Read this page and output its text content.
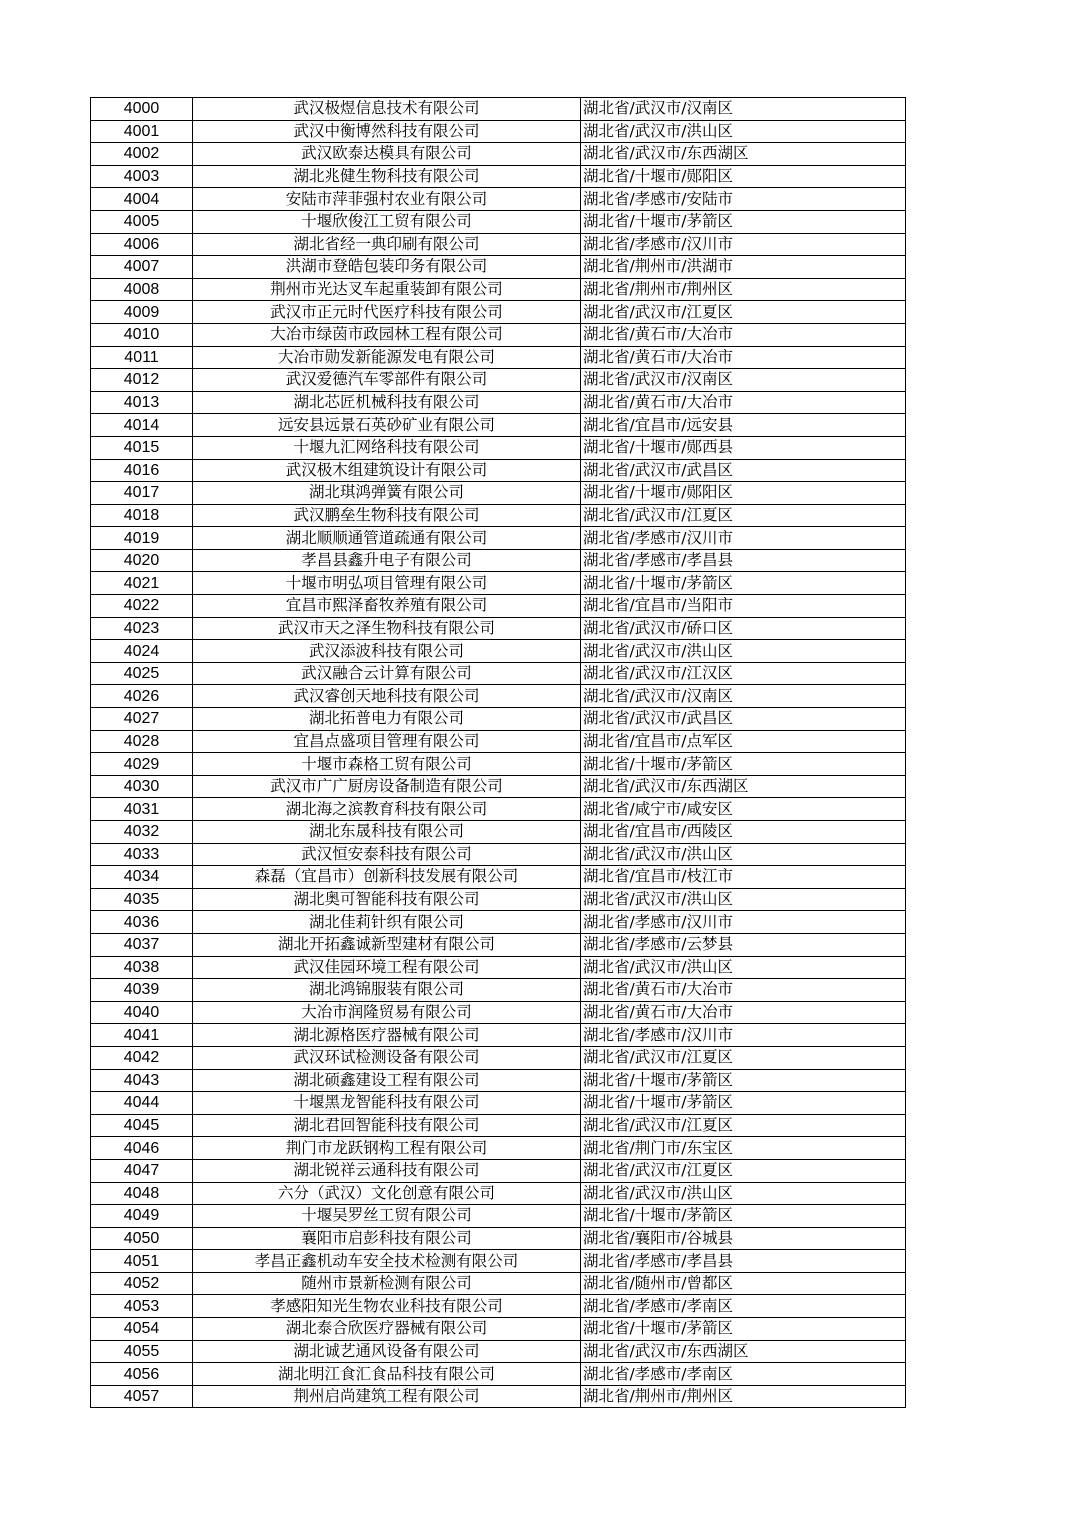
4000	武汉极煜信息技术有限公司	湖北省/武汉市/汉南区
4001	武汉中衡博然科技有限公司	湖北省/武汉市/洪山区
4002	武汉欧泰达模具有限公司	湖北省/武汉市/东西湖区
4003	湖北兆健生物科技有限公司	湖北省/十堰市/郧阳区
4004	安陆市萍菲强村农业有限公司	湖北省/孝感市/安陆市
4005	十堰欣俊江工贸有限公司	湖北省/十堰市/茅箭区
4006	湖北省经一典印刷有限公司	湖北省/孝感市/汉川市
4007	洪湖市登皓包装印务有限公司	湖北省/荆州市/洪湖市
4008	荆州市光达叉车起重装卸有限公司	湖北省/荆州市/荆州区
4009	武汉市正元时代医疗科技有限公司	湖北省/武汉市/江夏区
4010	大冶市绿茵市政园林工程有限公司	湖北省/黄石市/大冶市
4011	大冶市勋发新能源发电有限公司	湖北省/黄石市/大冶市
4012	武汉爱德汽车零部件有限公司	湖北省/武汉市/汉南区
4013	湖北芯匠机械科技有限公司	湖北省/黄石市/大冶市
4014	远安县远景石英砂矿业有限公司	湖北省/宜昌市/远安县
4015	十堰九汇网络科技有限公司	湖北省/十堰市/郧西县
4016	武汉极木组建筑设计有限公司	湖北省/武汉市/武昌区
4017	湖北琪鸿弹簧有限公司	湖北省/十堰市/郧阳区
4018	武汉鹏垒生物科技有限公司	湖北省/武汉市/江夏区
4019	湖北顺顺通管道疏通有限公司	湖北省/孝感市/汉川市
4020	孝昌县鑫升电子有限公司	湖北省/孝感市/孝昌县
4021	十堰市明弘项目管理有限公司	湖北省/十堰市/茅箭区
4022	宜昌市熙泽畜牧养殖有限公司	湖北省/宜昌市/当阳市
4023	武汉市天之泽生物科技有限公司	湖北省/武汉市/硚口区
4024	武汉添波科技有限公司	湖北省/武汉市/洪山区
4025	武汉融合云计算有限公司	湖北省/武汉市/江汉区
4026	武汉睿创天地科技有限公司	湖北省/武汉市/汉南区
4027	湖北拓普电力有限公司	湖北省/武汉市/武昌区
4028	宜昌点盛项目管理有限公司	湖北省/宜昌市/点军区
4029	十堰市森格工贸有限公司	湖北省/十堰市/茅箭区
4030	武汉市广广厨房设备制造有限公司	湖北省/武汉市/东西湖区
4031	湖北海之滨教育科技有限公司	湖北省/咸宁市/咸安区
4032	湖北东晟科技有限公司	湖北省/宜昌市/西陵区
4033	武汉恒安泰科技有限公司	湖北省/武汉市/洪山区
4034	森磊（宜昌市）创新科技发展有限公司	湖北省/宜昌市/枝江市
4035	湖北奥可智能科技有限公司	湖北省/武汉市/洪山区
4036	湖北佳莉针织有限公司	湖北省/孝感市/汉川市
4037	湖北开拓鑫诚新型建材有限公司	湖北省/孝感市/云梦县
4038	武汉佳园环境工程有限公司	湖北省/武汉市/洪山区
4039	湖北鸿锦服装有限公司	湖北省/黄石市/大冶市
4040	大冶市润隆贸易有限公司	湖北省/黄石市/大冶市
4041	湖北源格医疗器械有限公司	湖北省/孝感市/汉川市
4042	武汉环试检测设备有限公司	湖北省/武汉市/江夏区
4043	湖北硕鑫建设工程有限公司	湖北省/十堰市/茅箭区
4044	十堰黑龙智能科技有限公司	湖北省/十堰市/茅箭区
4045	湖北君回智能科技有限公司	湖北省/武汉市/江夏区
4046	荆门市龙跃钢构工程有限公司	湖北省/荆门市/东宝区
4047	湖北锐祥云通科技有限公司	湖北省/武汉市/江夏区
4048	六分（武汉）文化创意有限公司	湖北省/武汉市/洪山区
4049	十堰吴罗丝工贸有限公司	湖北省/十堰市/茅箭区
4050	襄阳市启彭科技有限公司	湖北省/襄阳市/谷城县
4051	孝昌正鑫机动车安全技术检测有限公司	湖北省/孝感市/孝昌县
4052	随州市景新检测有限公司	湖北省/随州市/曾都区
4053	孝感阳知光生物农业科技有限公司	湖北省/孝感市/孝南区
4054	湖北泰合欣医疗器械有限公司	湖北省/十堰市/茅箭区
4055	湖北诚艺通风设备有限公司	湖北省/武汉市/东西湖区
4056	湖北明江食汇食品科技有限公司	湖北省/孝感市/孝南区
4057	荆州启尚建筑工程有限公司	湖北省/荆州市/荆州区
